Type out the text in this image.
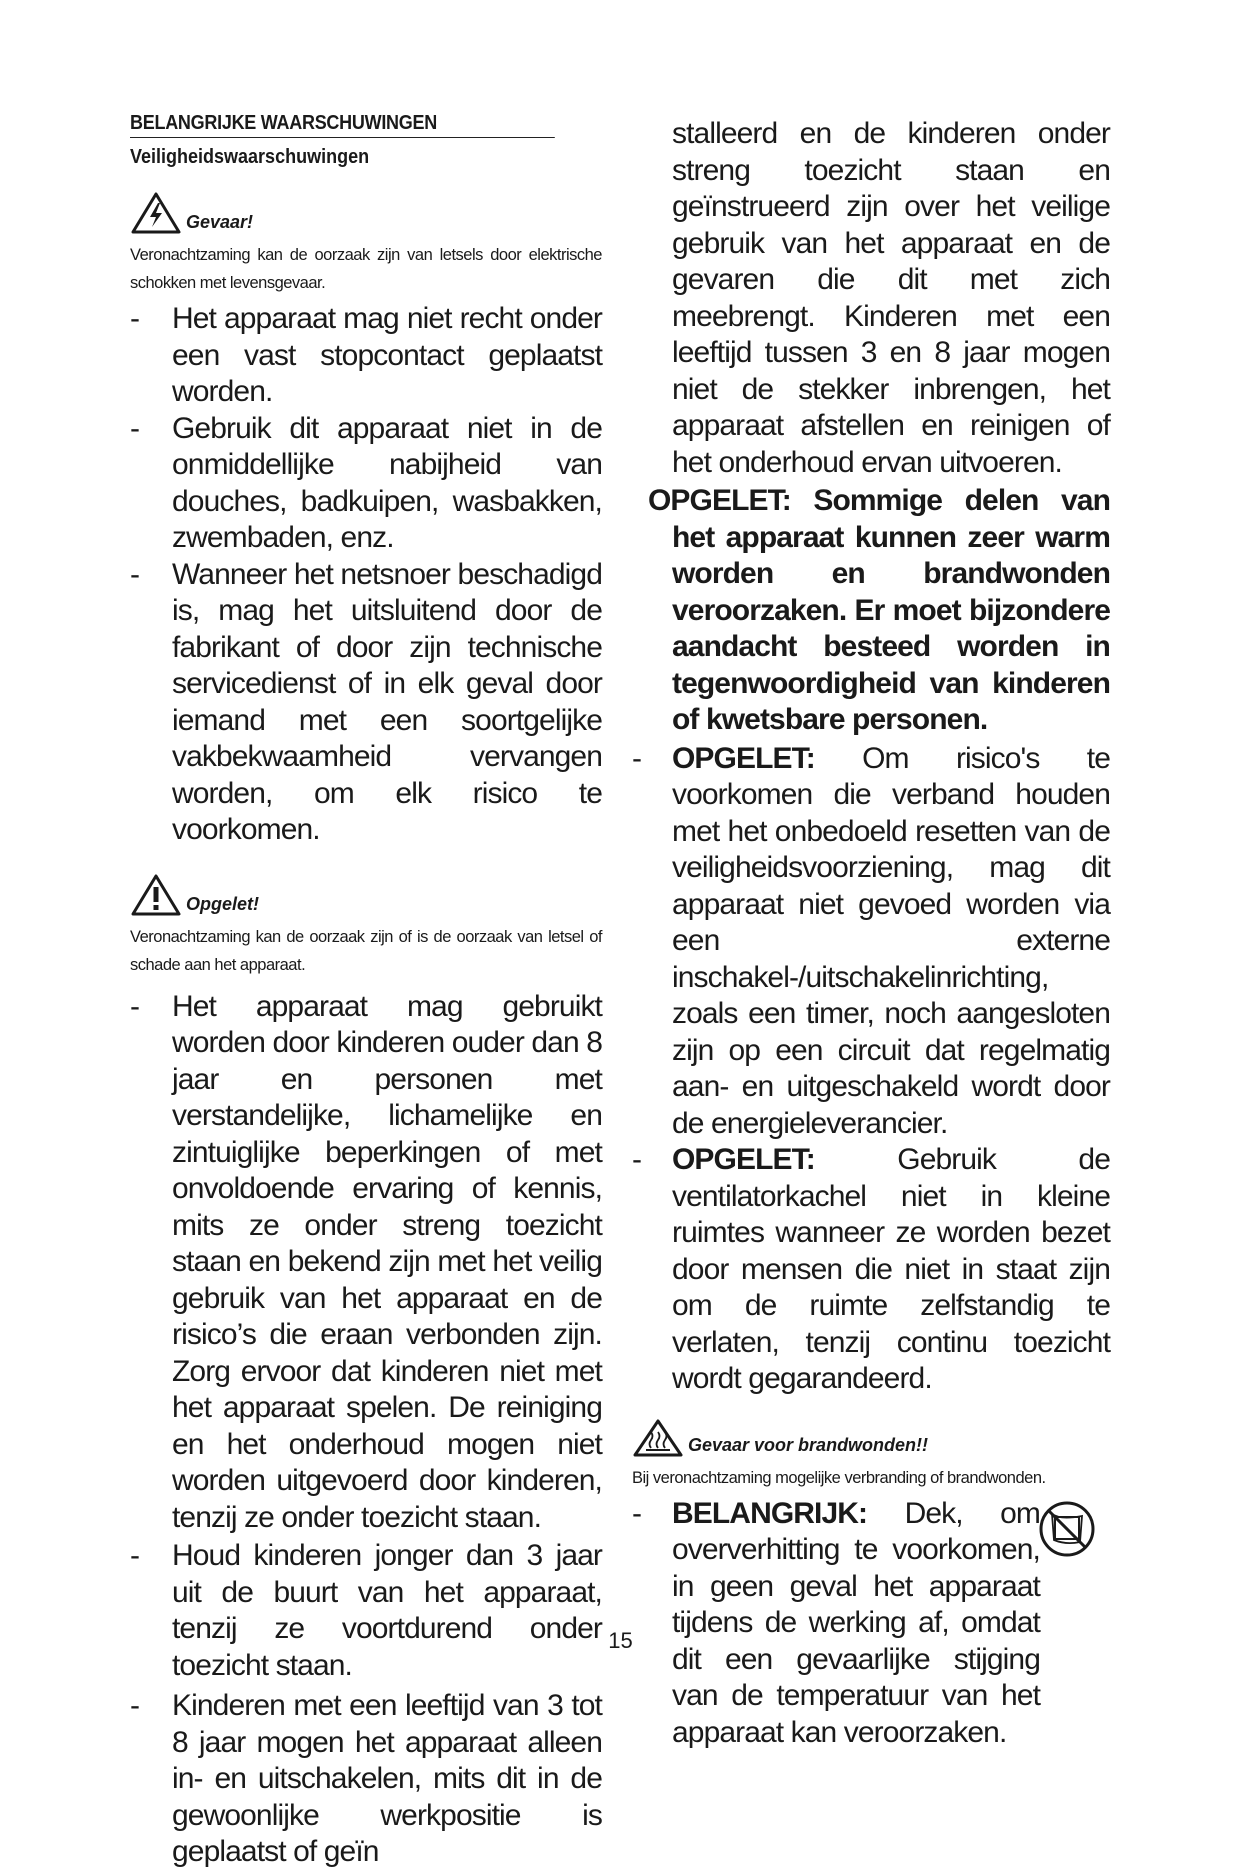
BELANGRIJKE WAARSCHUWINGEN
Veiligheidswaarschuwingen
Gevaar!

Veronachtzaming kan de oorzaak zijn van letsels door elektrische schokken met levensgevaar.

- Het apparaat mag niet recht onder een vast stopcontact geplaatst worden.
- Gebruik dit apparaat niet in de onmiddellijke nabijheid van douches, badkuipen, wasbakken, zwembaden, enz.
- Wanneer het netsnoer beschadigd is, mag het uitsluitend door de fabrikant of door zijn technische servicedienst of in elk geval door iemand met een soortgelijke vakbekwaamheid vervangen worden, om elk risico te voorkomen.
Opgelet!

Veronachtzaming kan de oorzaak zijn of is de oorzaak van letsel of schade aan het apparaat.

- Het apparaat mag gebruikt worden door kinderen ouder dan 8 jaar en personen met verstandelijke, lichamelijke en zintuiglijke beperkingen of met onvoldoende ervaring of kennis, mits ze onder streng toezicht staan en bekend zijn met het veilig gebruik van het apparaat en de risico’s die eraan verbonden zijn. Zorg ervoor dat kinderen niet met het apparaat spelen. De reiniging en het onderhoud mogen niet worden uitgevoerd door kinderen, tenzij ze onder toezicht staan.
- Houd kinderen jonger dan 3 jaar uit de buurt van het apparaat, tenzij ze voortdurend onder toezicht staan.
- Kinderen met een leeftijd van 3 tot 8 jaar mogen het apparaat alleen in- en uitschakelen, mits dit in de gewoonlijke werkpositie is geplaatst of geïn

stalleerd en de kinderen onder streng toezicht staan en geïnstrueerd zijn over het veilige gebruik van het apparaat en de gevaren die dit met zich meebrengt. Kinderen met een leeftijd tussen 3 en 8 jaar mogen niet de stekker inbrengen, het apparaat afstellen en reinigen of het onderhoud ervan uitvoeren.

OPGELET: Sommige delen van het apparaat kunnen zeer warm worden en brandwonden veroorzaken. Er moet bijzondere aandacht besteed worden in tegenwoordigheid van kinderen of kwetsbare personen.

- OPGELET: Om risico's te voorkomen die verband houden met het onbedoeld resetten van de veiligheidsvoorziening, mag dit apparaat niet gevoed worden via een externe inschakel-/uitschakelinrichting, zoals een timer, noch aangesloten zijn op een circuit dat regelmatig aan- en uitgeschakeld wordt door de energieleverancier.
- OPGELET: Gebruik de ventilatorkachel niet in kleine ruimtes wanneer ze worden bezet door mensen die niet in staat zijn om de ruimte zelfstandig te verlaten, tenzij continu toezicht wordt gegarandeerd.
Gevaar voor brandwonden!!

Bij veronachtzaming mogelijke verbranding of brandwonden.

- BELANGRIJK: Dek, om oververhitting te voorkomen, in geen geval het apparaat tijdens de werking af, omdat dit een gevaarlijke stijging van de temperatuur van het apparaat kan veroorzaken.
15
